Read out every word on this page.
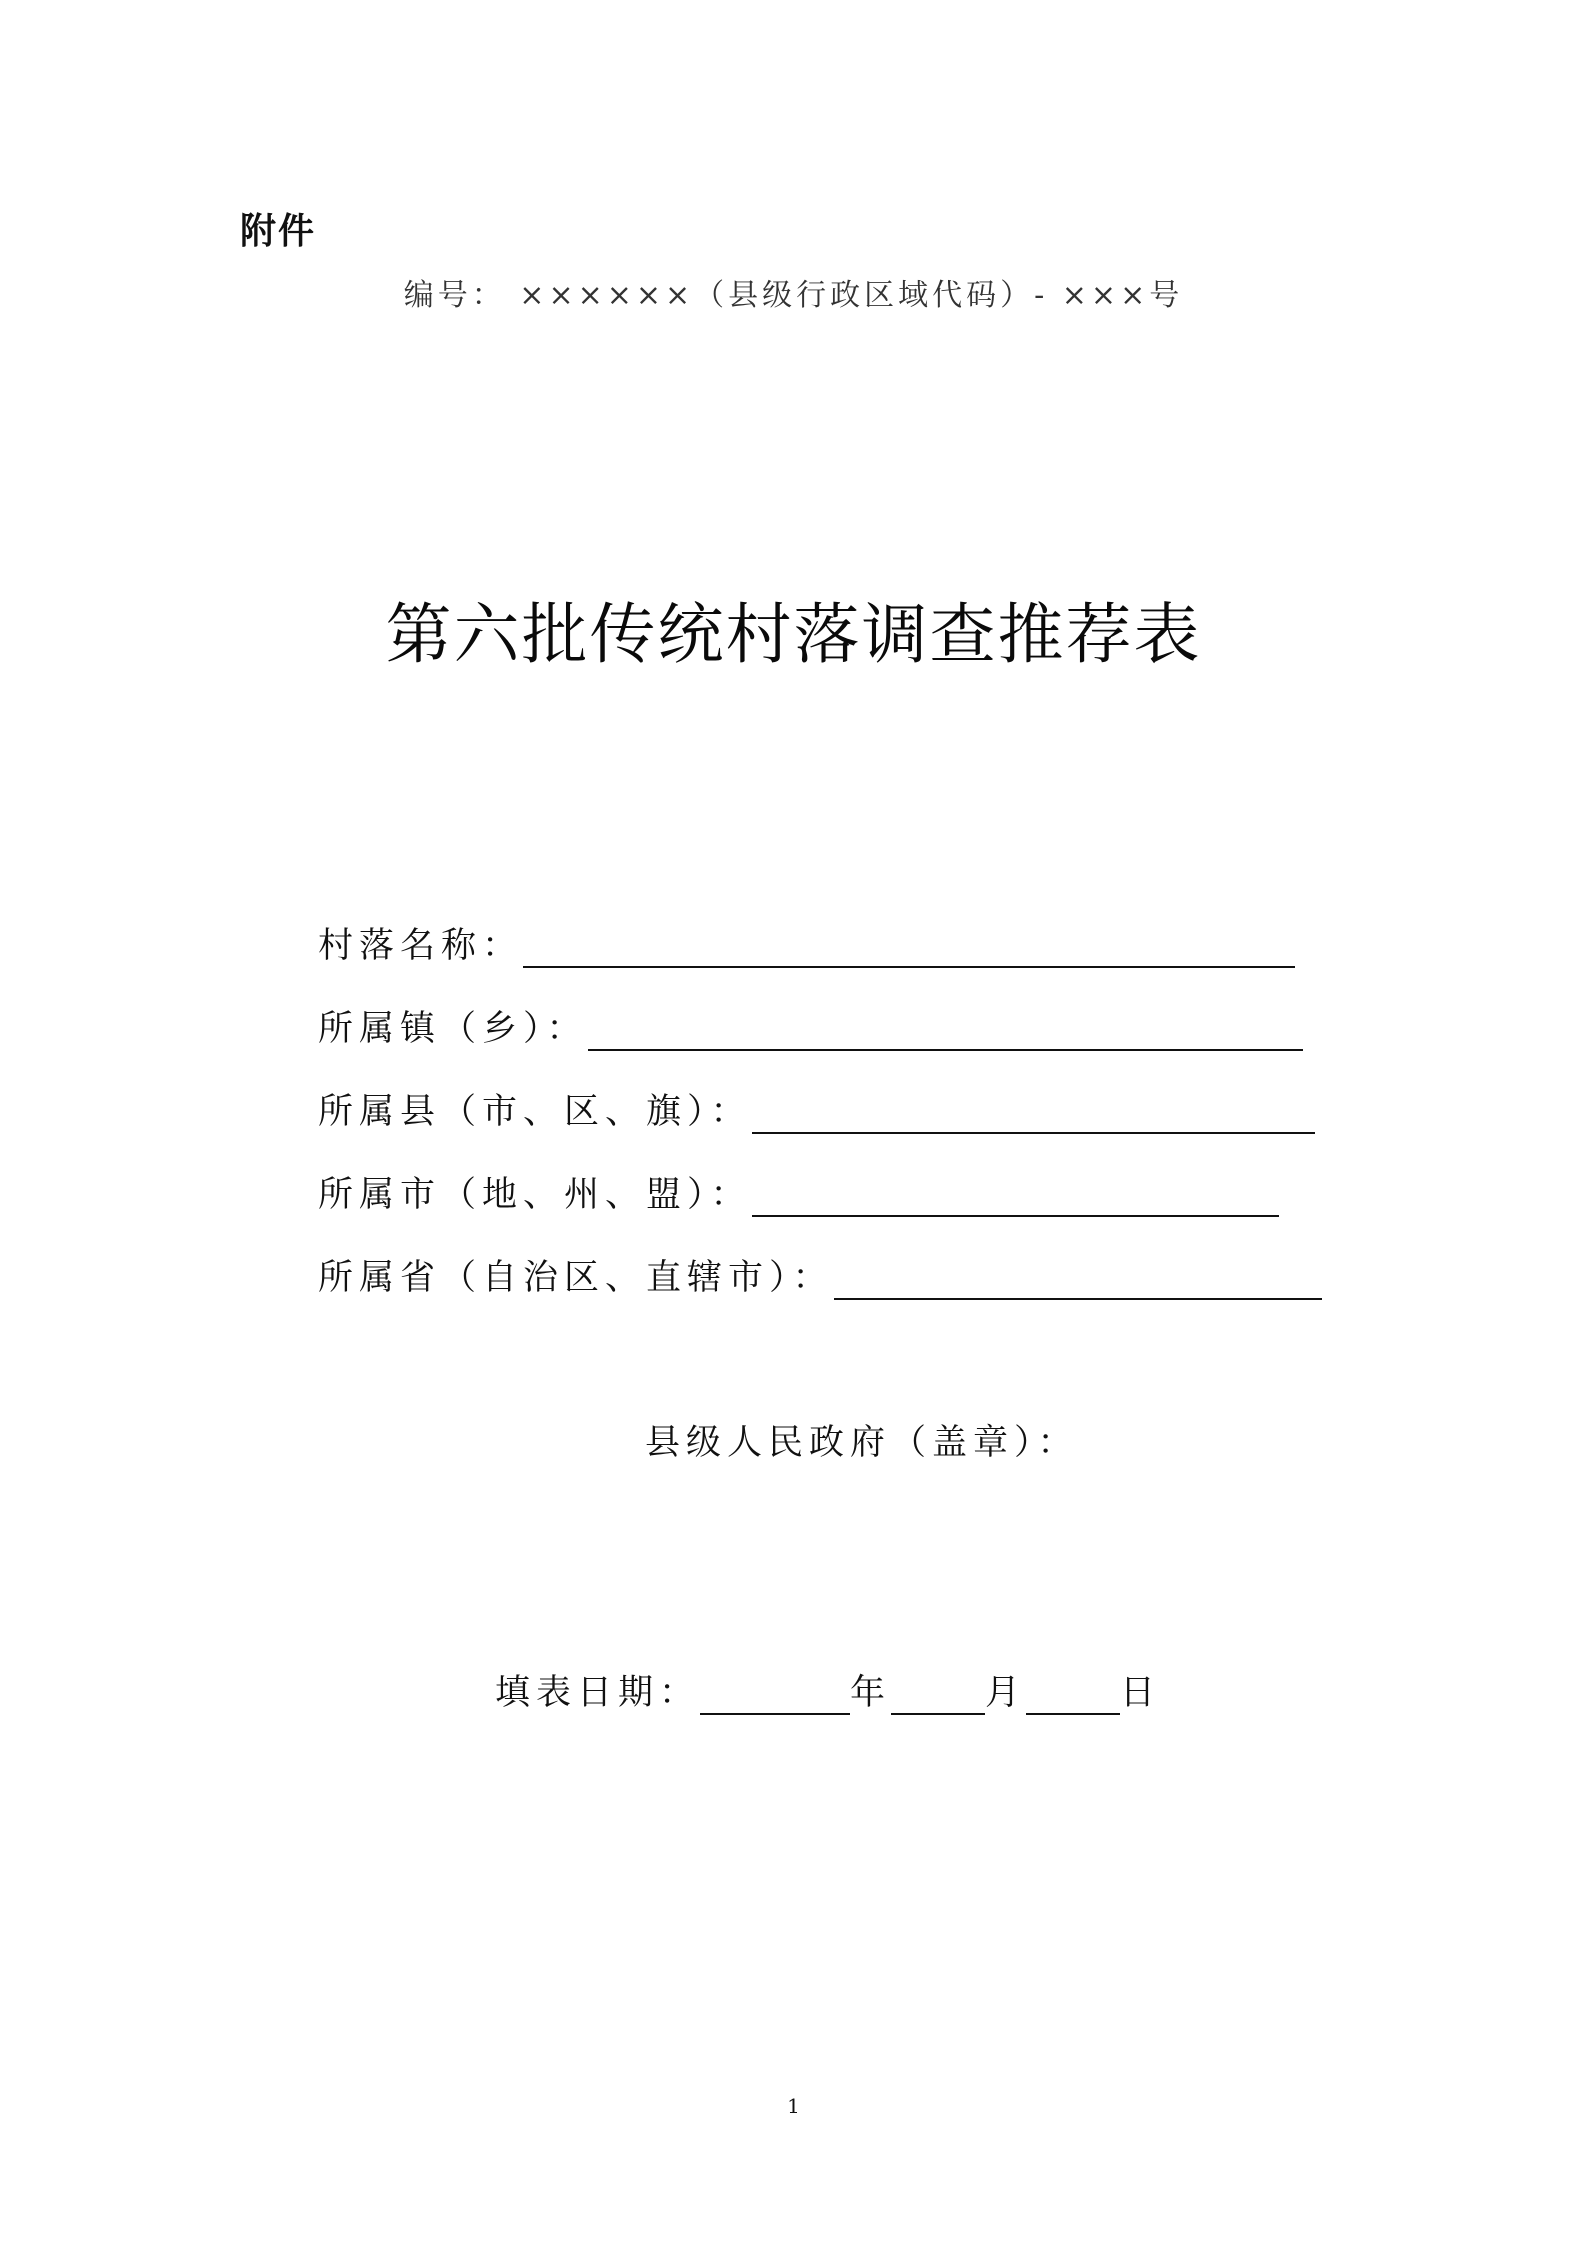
附件
编号： ××××××（县级行政区域代码）- ×××号
第六批传统村落调查推荐表
村落名称：
所属镇（乡）：
所属县（市、区、旗）：
所属市（地、州、盟）：
所属省（自治区、直辖市）：
县级人民政府（盖章）：
填表日期：	年	月	日
1
